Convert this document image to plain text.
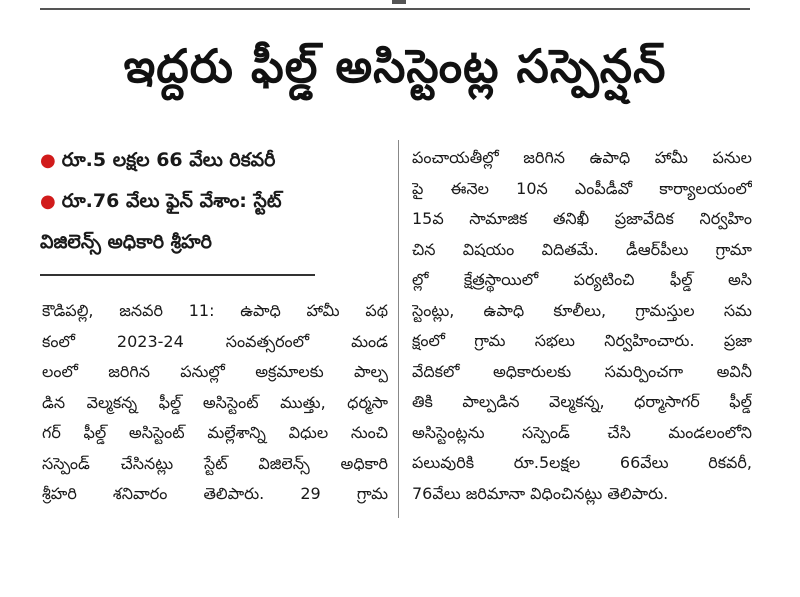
ఇద్దరు ఫీల్డ్ అసిస్టెంట్ల సస్పెన్షన్
● రూ.5 లక్షల 66 వేలు రికవరీ
● రూ.76 వేలు ఫైన్ వేశాం: స్టేట్
విజిలెన్స్ అధికారి శ్రీహరి
కౌడిపల్లి, జనవరి 11: ఉపాధి హామీ పథ
కంలో 2023-24 సంవత్సరంలో మండ
లంలో జరిగిన పనుల్లో అక్రమాలకు పాల్ప
డిన వెల్మకన్న ఫీల్డ్ అసిస్టెంట్ ముత్తు, ధర్మసా
గర్ ఫీల్డ్ అసిస్టెంట్ మల్లేశాన్ని విధుల నుంచి
సస్పెండ్ చేసినట్లు స్టేట్ విజిలెన్స్ అధికారి
శ్రీహరి శనివారం తెలిపారు. 29 గ్రామ
పంచాయతీల్లో జరిగిన ఉపాధి హామీ పనుల
పై ఈనెల 10న ఎంపీడీవో కార్యాలయంలో
15వ సామాజిక తనిఖీ ప్రజావేదిక నిర్వహిం
చిన విషయం విదితమే. డీఆర్‌పీలు గ్రామా
ల్లో క్షేత్రస్థాయిలో పర్యటించి ఫీల్డ్ అసి
స్టెంట్లు, ఉపాధి కూలీలు, గ్రామస్తుల సమ
క్షంలో గ్రామ సభలు నిర్వహించారు. ప్రజా
వేదికలో అధికారులకు సమర్పించగా అవినీ
తికి పాల్పడిన వెల్మకన్న, ధర్మాసాగర్ ఫీల్డ్
అసిస్టెంట్లను సస్పెండ్ చేసి మండలంలోని
పలువురికి రూ.5లక్షల 66వేలు రికవరీ,
76వేలు జరిమానా విధించినట్లు తెలిపారు.
